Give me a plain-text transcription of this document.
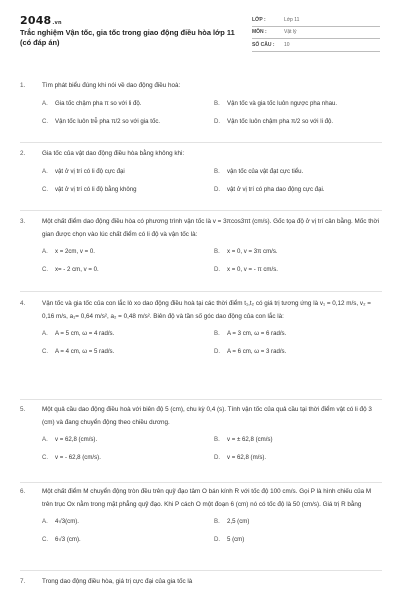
2048.vn
Trắc nghiệm Vận tốc, gia tốc trong giao động điều hòa lớp 11 (có đáp án)
LỚP :	Lớp 11
MÔN :	Vật lý
SỐ CÂU :	10
1.	Tìm phát biểu đúng khi nói về dao động điều hoà:
A.	Gia tốc chậm pha π so với li độ.	B.	Vận tốc và gia tốc luôn ngược pha nhau.
C.	Vận tốc luôn trễ pha π/2 so với gia tốc.	D.	Vận tốc luôn chậm pha π/2 so với li độ.
2.	Gia tốc của vật dao động điều hòa bằng không khi:
A.	vật ở vị trí có li độ cực đại	B.	vận tốc của vật đạt cực tiểu.
C.	vật ở vị trí có li độ bằng không	D.	vật ở vị trí có pha dao động cực đại.
3.	Một chất điểm dao động điều hòa có phương trình vận tốc là v = 3πcos3πt (cm/s). Gốc tọa độ ở vị trí cân bằng. Mốc thời gian được chọn vào lúc chất điểm có li độ và vận tốc là:
A.	x = 2cm, v = 0.	B.	x = 0, v = 3π cm/s.
C.	x= - 2 cm, v = 0.	D.	x = 0, v = - π cm/s.
4.	Vận tốc và gia tốc của con lắc lò xo dao động điều hoà tại các thời điểm t₁,t₂ có giá trị tương ứng là v₁ = 0,12 m/s, v₂ = 0,16 m/s, a₁= 0,64 m/s², a₂ = 0,48 m/s². Biên độ và tần số góc dao động của con lắc là:
A.	A = 5 cm, ω = 4 rad/s.	B.	A = 3 cm, ω = 6 rad/s.
C.	A = 4 cm, ω = 5 rad/s.	D.	A = 6 cm, ω = 3 rad/s.
5.	Một quả cầu dao động điều hoà với biên độ 5 (cm), chu kỳ 0,4 (s). Tính vận tốc của quả cầu tại thời điểm vật có li độ 3 (cm) và đang chuyển động theo chiều dương.
A.	v = 62,8 (cm/s).	B.	v = ± 62,8 (cm/s)
C.	v = - 62,8 (cm/s).	D.	v = 62,8 (m/s).
6.	Một chất điểm M chuyển động tròn đều trên quỹ đạo tâm O bán kính R với tốc độ 100 cm/s. Gọi P là hình chiếu của M trên trục Ox nằm trong mặt phẳng quỹ đạo. Khi P cách O một đoạn 6 (cm) nó có tốc độ là 50 (cm/s). Giá trị R bằng
A.	4√3(cm).	B.	2,5 (cm)
C.	6√3 (cm).	D.	5 (cm)
7.	Trong dao động điều hòa, giá trị cực đại của gia tốc là
